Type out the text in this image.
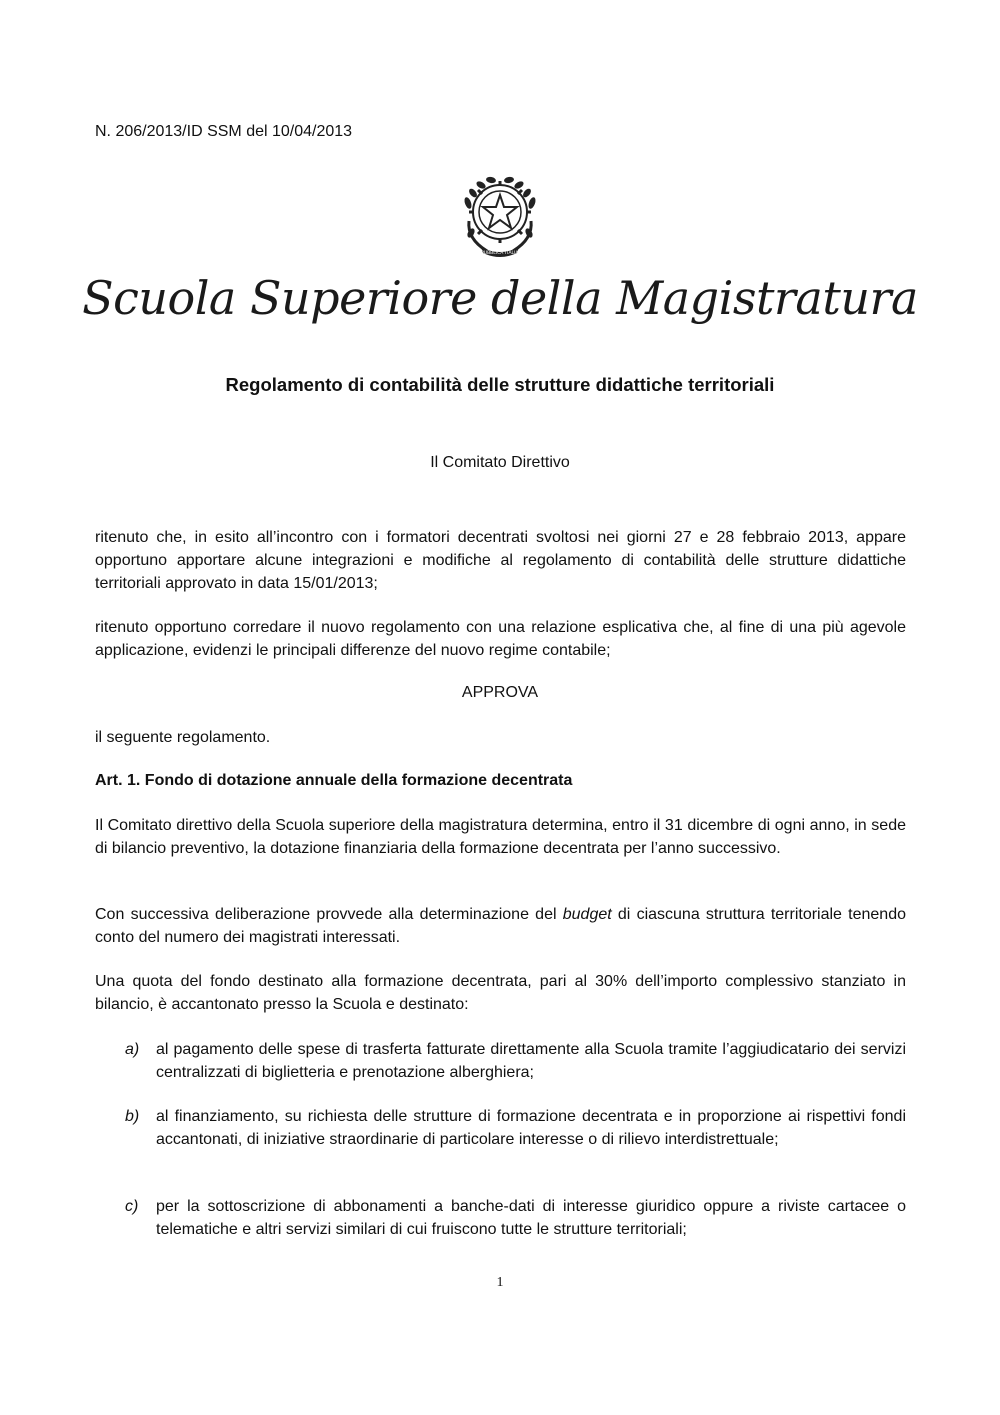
N. 206/2013/ID SSM del 10/04/2013
REPUBBLICA ITALIANA
Scuola Superiore della Magistratura
Regolamento di contabilità delle strutture didattiche territoriali
Il Comitato Direttivo
ritenuto che, in esito all’incontro con i formatori decentrati svoltosi nei giorni 27 e 28 febbraio 2013, appare opportuno apportare alcune integrazioni e modifiche al regolamento di contabilità delle strutture didattiche territoriali approvato in data 15/01/2013;
ritenuto opportuno corredare il nuovo regolamento con una relazione esplicativa che, al fine di una più agevole applicazione, evidenzi le principali differenze del nuovo regime contabile;
APPROVA
il seguente regolamento.
Art. 1. Fondo di dotazione annuale della formazione decentrata
Il Comitato direttivo della Scuola superiore della magistratura determina, entro il 31 dicembre di ogni anno, in sede di bilancio preventivo, la dotazione finanziaria della formazione decentrata per l’anno successivo.
Con successiva deliberazione provvede alla determinazione del budget di ciascuna struttura territoriale tenendo conto del numero dei magistrati interessati.
Una quota del fondo destinato alla formazione decentrata, pari al 30% dell’importo complessivo stanziato in bilancio, è accantonato presso la Scuola e destinato:
a) al pagamento delle spese di trasferta fatturate direttamente alla Scuola tramite l’aggiudicatario dei servizi centralizzati di biglietteria e prenotazione alberghiera;
b) al finanziamento, su richiesta delle strutture di formazione decentrata e in proporzione ai rispettivi fondi accantonati, di iniziative straordinarie di particolare interesse o di rilievo interdistrettuale;
c) per la sottoscrizione di abbonamenti a banche-dati di interesse giuridico oppure a riviste cartacee o telematiche e altri servizi similari di cui fruiscono tutte le strutture territoriali;
1
